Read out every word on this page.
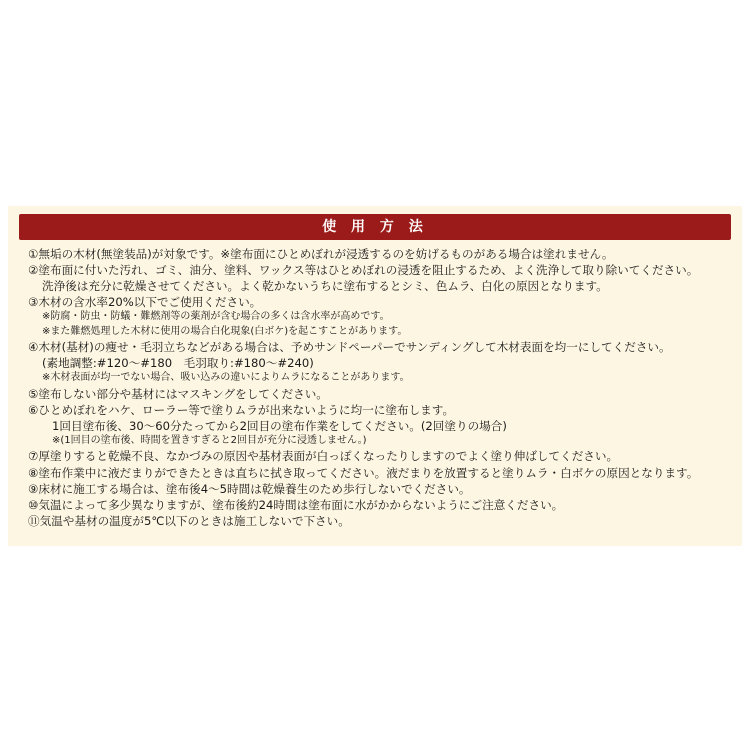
使 用 方 法
①無垢の木材(無塗装品)が対象です。※塗布面にひとめぼれが浸透するのを妨げるものがある場合は塗れません。
②塗布面に付いた汚れ、ゴミ、油分、塗料、ワックス等はひとめぼれの浸透を阻止するため、よく洗浄して取り除いてください。
洗浄後は充分に乾燥させてください。よく乾かないうちに塗布するとシミ、色ムラ、白化の原因となります。
③木材の含水率20%以下でご使用ください。
※防腐・防虫・防蟻・難燃剤等の薬剤が含む場合の多くは含水率が高めです。
※また難燃処理した木材に使用の場合白化現象(白ボケ)を起こすことがあります。
④木材(基材)の痩せ・毛羽立ちなどがある場合は、予めサンドペーパーでサンディングして木材表面を均一にしてください。
(素地調整:#120〜#180　毛羽取り:#180〜#240)
※木材表面が均一でない場合、吸い込みの違いによりムラになることがあります。
⑤塗布しない部分や基材にはマスキングをしてください。
⑥ひとめぼれをハケ、ローラー等で塗りムラが出来ないように均一に塗布します。
1回目塗布後、30〜60分たってから2回目の塗布作業をしてください。(2回塗りの場合)
※(1回目の塗布後、時間を置きすぎると2回目が充分に浸透しません。)
⑦厚塗りすると乾燥不良、なかづみの原因や基材表面が白っぽくなったりしますのでよく塗り伸ばしてください。
⑧塗布作業中に液だまりができたときは直ちに拭き取ってください。液だまりを放置すると塗りムラ・白ボケの原因となります。
⑨床材に施工する場合は、塗布後4〜5時間は乾燥養生のため歩行しないでください。
⑩気温によって多少異なりますが、塗布後約24時間は塗布面に水がかからないようにご注意ください。
⑪気温や基材の温度が5℃以下のときは施工しないで下さい。
